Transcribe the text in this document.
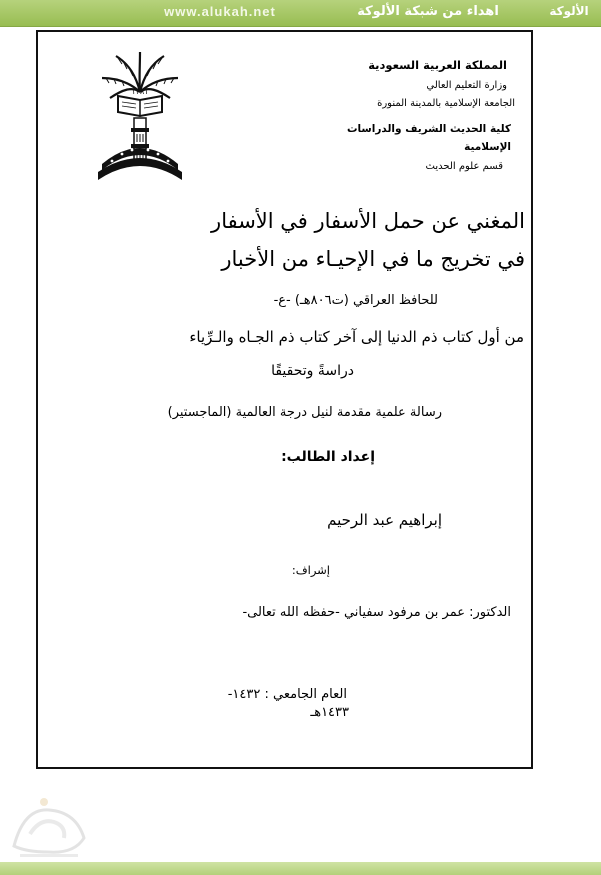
www.alukah.net	اهداء من شبكة الألوكة	الألوكة
١٣٨١
المملكة العربية السعودية
وزارة التعليم العالي
الجامعة الإسلامية بالمدينة المنورة
كلية الحديث الشريف والدراسات
الإسلامية
قسم علوم الحديث
المغني عن حمل الأسفار في الأسفار
في تخريج ما في الإحيـاء من الأخبار
للحافظ العراقي (ت٨٠٦هـ) -ع-
من أول كتاب ذم الدنيا إلى آخر كتاب ذم الجـاه والـرِّياء
دراسةً وتحقيقًا
رسالة علمية مقدمة لنيل درجة العالمية (الماجستير)
إعداد الطالب:
إبراهيم عبد الرحيم
إشراف:
الدكتور: عمر بن مرفود سفياني -حفظه الله تعالى-
العام الجامعي : ١٤٣٢-
١٤٣٣هـ
